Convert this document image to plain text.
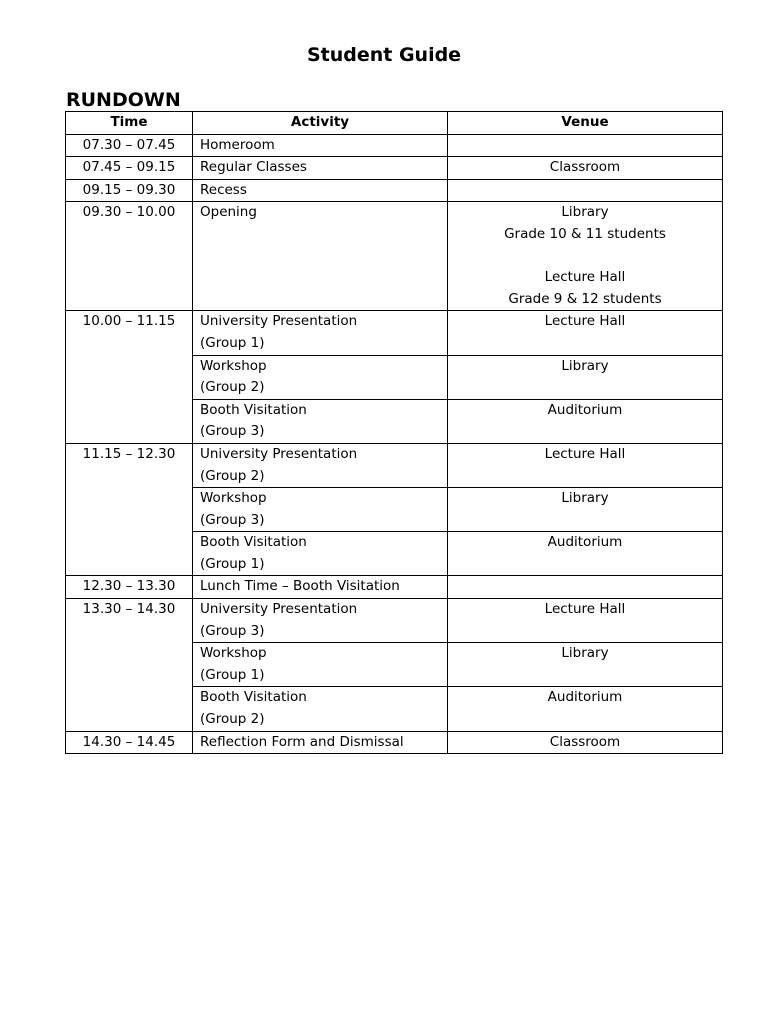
Student Guide
RUNDOWN
Time	Activity	Venue
07.30 – 07.45	Homeroom	

07.45 – 09.15	Regular Classes	Classroom

09.15 – 09.30	Recess	

09.30 – 10.00	Opening	Library
Grade 10 & 11 students
Lecture Hall
Grade 9 & 12 students

10.00 – 11.15	University Presentation
(Group 1)	Lecture Hall

	Workshop
(Group 2)	Library

	Booth Visitation
(Group 3)	Auditorium

11.15 – 12.30	University Presentation
(Group 2)	Lecture Hall

	Workshop
(Group 3)	Library

	Booth Visitation
(Group 1)	Auditorium

12.30 – 13.30	Lunch Time – Booth Visitation	

13.30 – 14.30	University Presentation
(Group 3)	Lecture Hall

	Workshop
(Group 1)	Library

	Booth Visitation
(Group 2)	Auditorium

14.30 – 14.45	Reflection Form and Dismissal	Classroom
